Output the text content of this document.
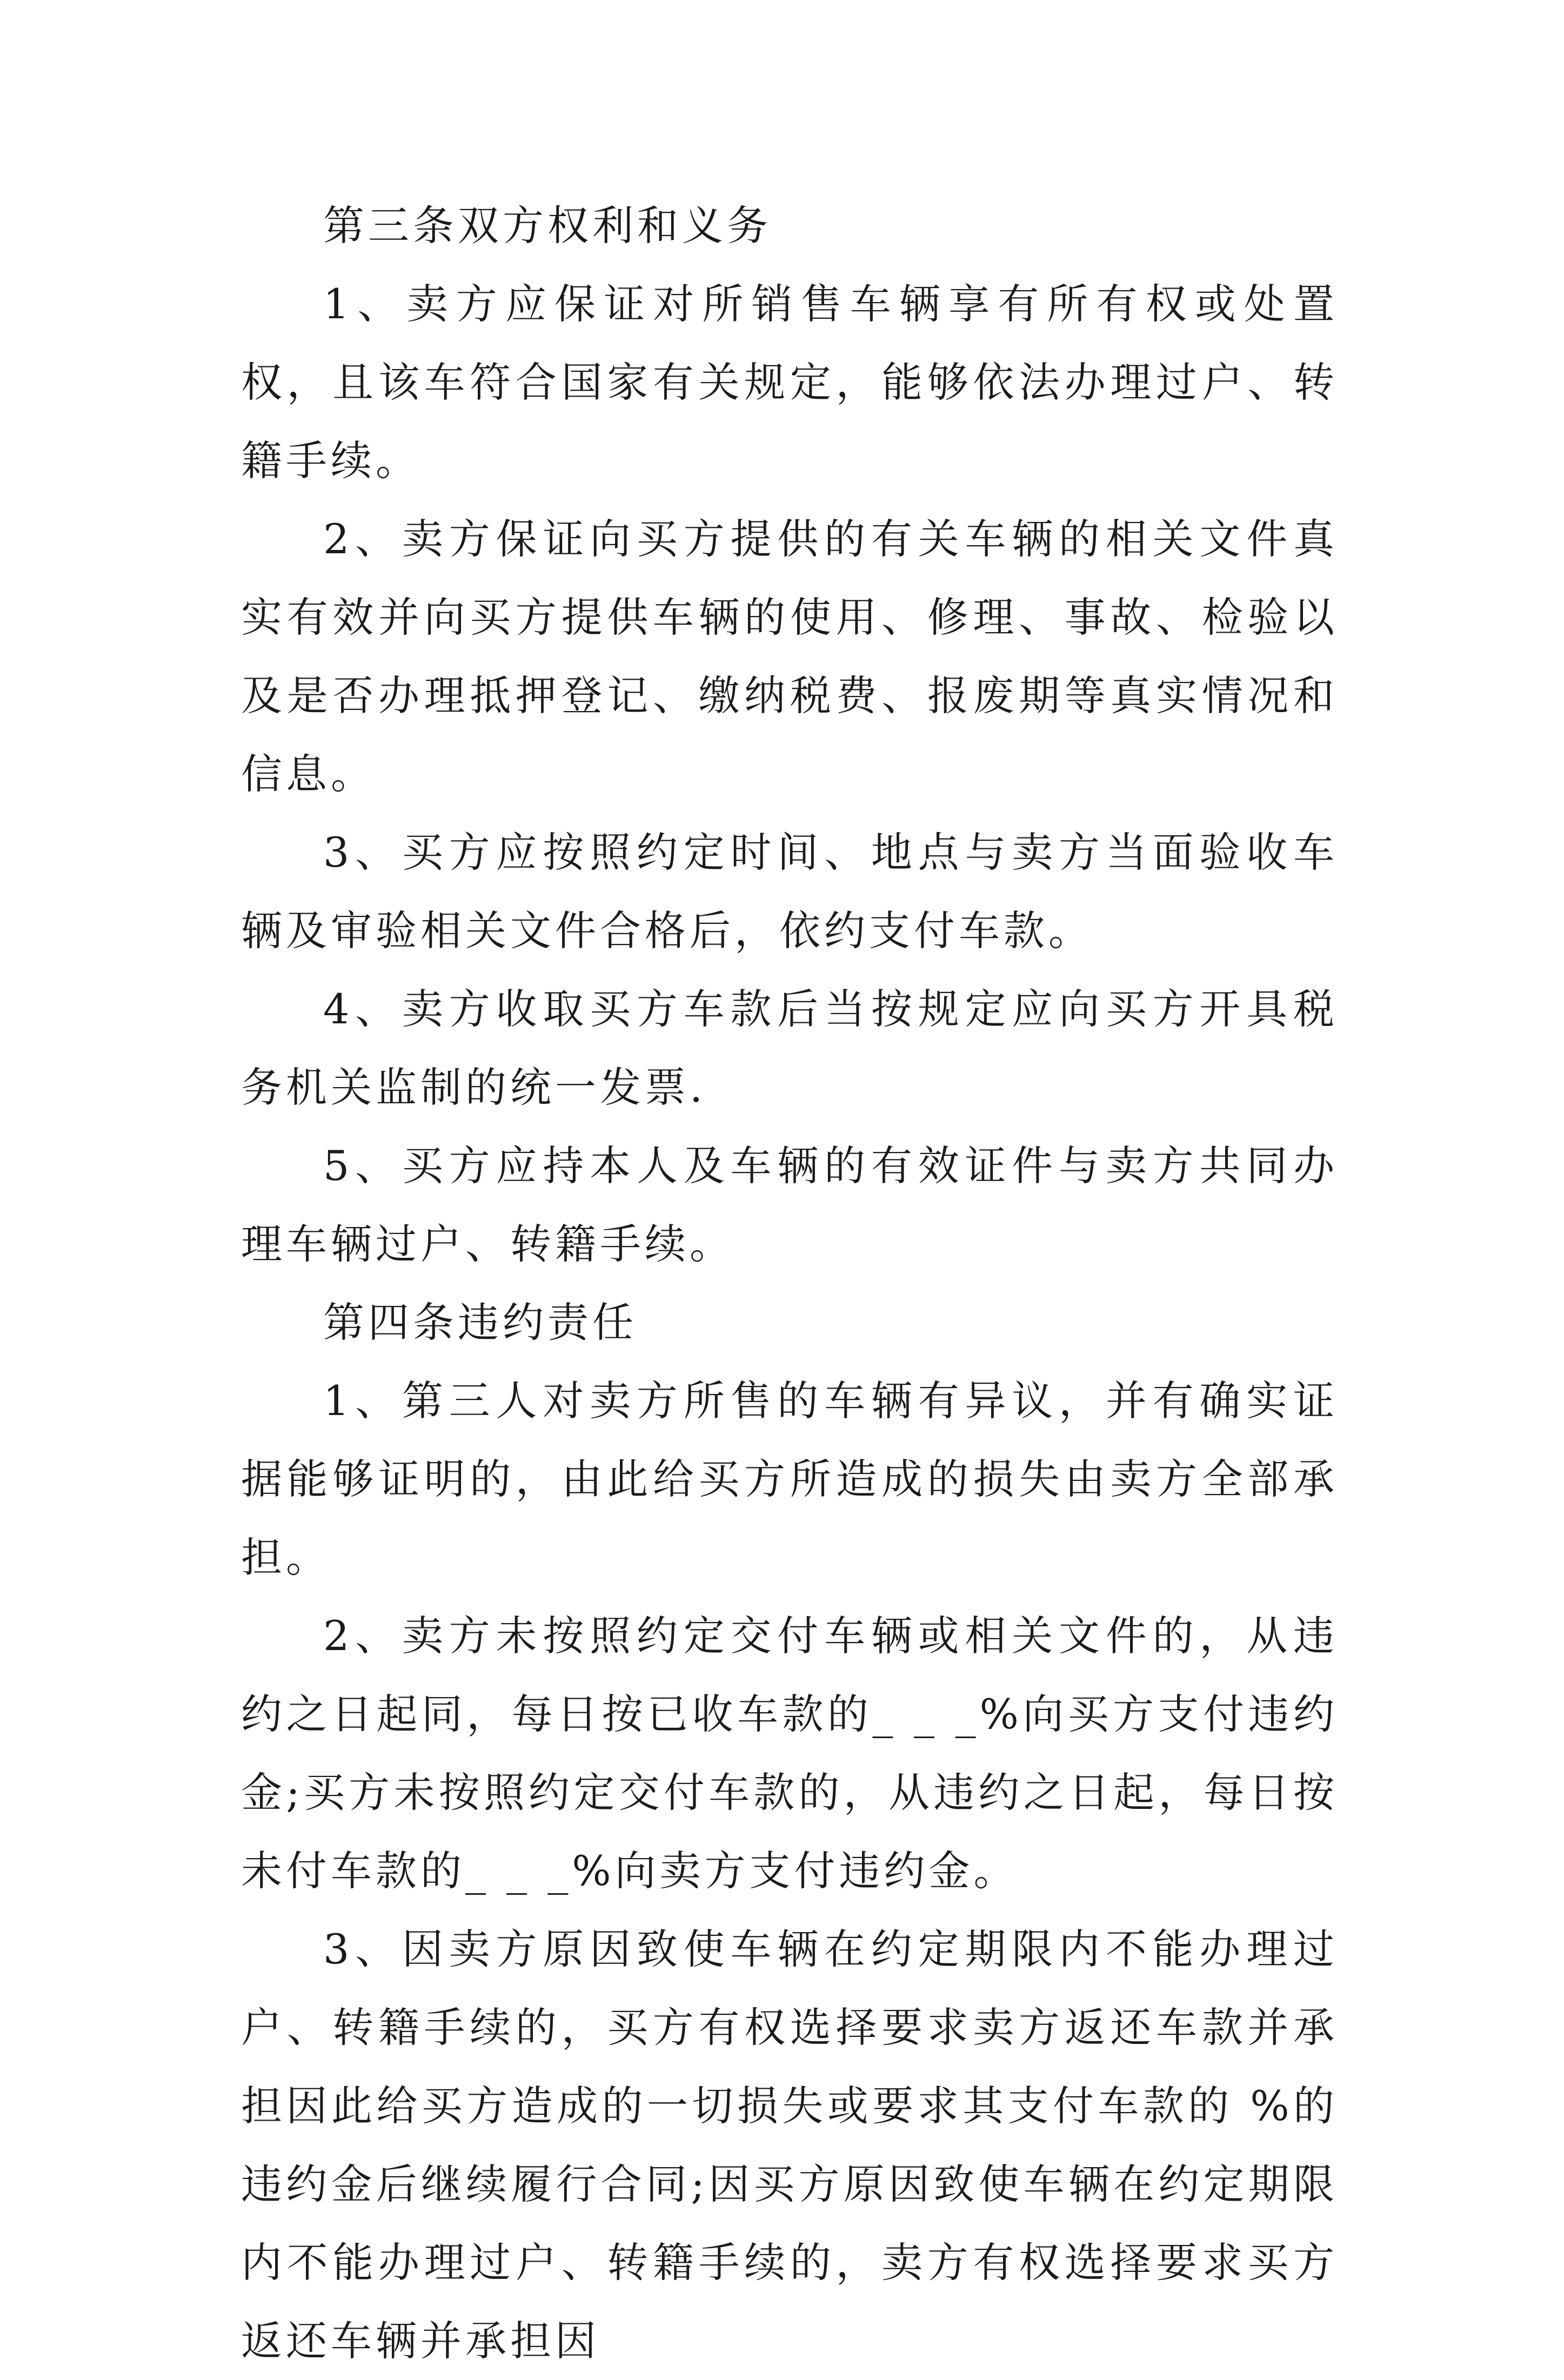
第三条双方权利和义务

1、卖方应保证对所销售车辆享有所有权或处置权，且该车符合国家有关规定，能够依法办理过户、转籍手续。

2、卖方保证向买方提供的有关车辆的相关文件真实有效并向买方提供车辆的使用、修理、事故、检验以及是否办理抵押登记、缴纳税费、报废期等真实情况和信息。

3、买方应按照约定时间、地点与卖方当面验收车辆及审验相关文件合格后，依约支付车款。

4、卖方收取买方车款后当按规定应向买方开具税务机关监制的统一发票.

5、买方应持本人及车辆的有效证件与卖方共同办理车辆过户、转籍手续。

第四条违约责任

1、第三人对卖方所售的车辆有异议，并有确实证据能够证明的，由此给买方所造成的损失由卖方全部承担。

2、卖方未按照约定交付车辆或相关文件的，从违约之日起同，每日按已收车款的_ _ _%向买方支付违约金;买方未按照约定交付车款的，从违约之日起，每日按未付车款的_ _ _%向卖方支付违约金。

3、因卖方原因致使车辆在约定期限内不能办理过户、转籍手续的，买方有权选择要求卖方返还车款并承担因此给买方造成的一切损失或要求其支付车款的 %的违约金后继续履行合同;因买方原因致使车辆在约定期限内不能办理过户、转籍手续的，卖方有权选择要求买方返还车辆并承担因
